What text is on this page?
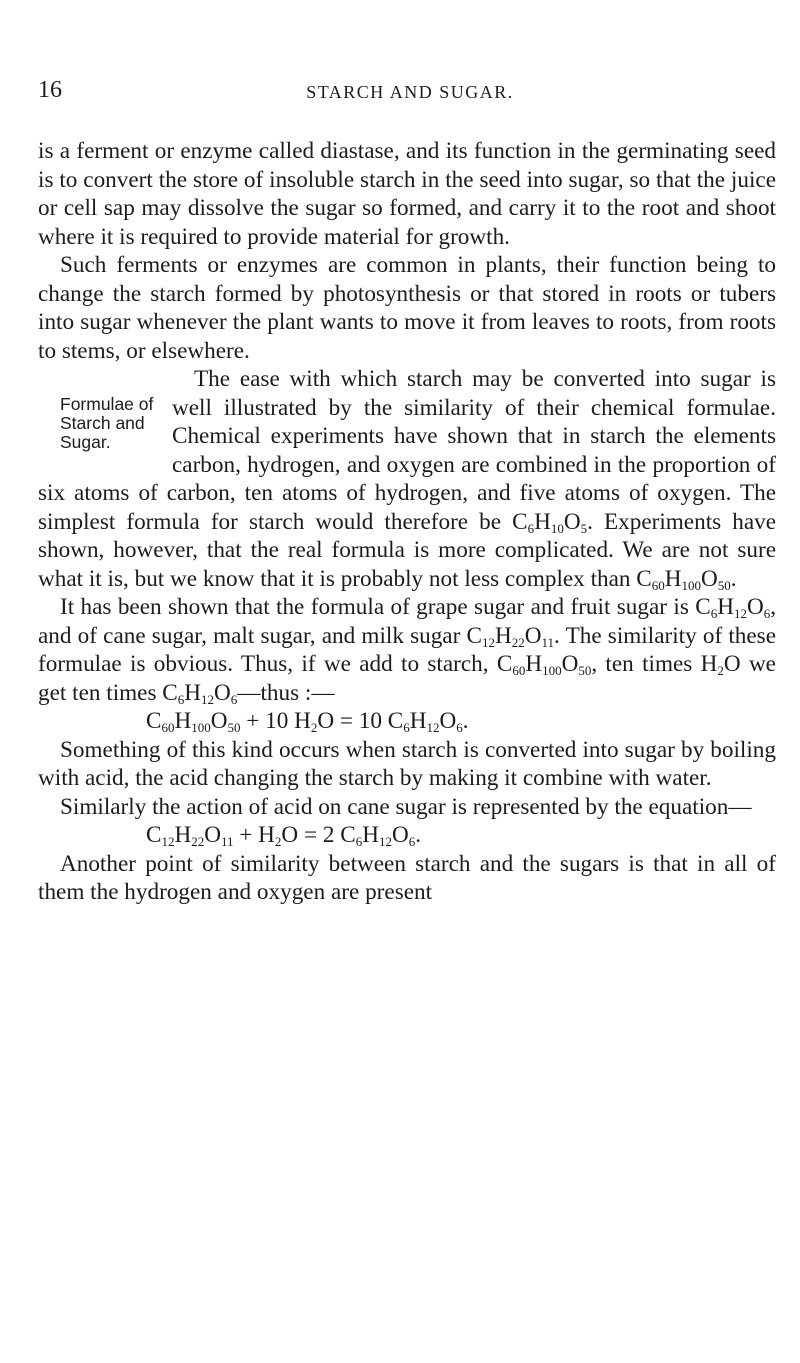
16	STARCH AND SUGAR.

is a ferment or enzyme called diastase, and its function in the germinating seed is to convert the store of insoluble starch in the seed into sugar, so that the juice or cell sap may dissolve the sugar so formed, and carry it to the root and shoot where it is required to provide material for growth.

Such ferments or enzymes are common in plants, their function being to change the starch formed by photosynthesis or that stored in roots or tubers into sugar whenever the plant wants to move it from leaves to roots, from roots to stems, or elsewhere.

Formulae of
Starch and
Sugar.
The ease with which starch may be converted into sugar is well illustrated by the similarity of their chemical formulae. Chemical experiments have shown that in starch the elements carbon, hydrogen, and oxygen are combined in the proportion of six atoms of carbon, ten atoms of hydrogen, and five atoms of oxygen. The simplest formula for starch would therefore be $C_6H_{10}O_5$. Experiments have shown, however, that the real formula is more complicated. We are not sure what it is, but we know that it is probably not less complex than $C_{60}H_{100}O_{50}$.

It has been shown that the formula of grape sugar and fruit sugar is $C_6H_{12}O_6$, and of cane sugar, malt sugar, and milk sugar $C_{12}H_{22}O_{11}$. The similarity of these formulae is obvious. Thus, if we add to starch, $C_{60}H_{100}O_{50}$, ten times $H_2O$ we get ten times $C_6H_{12}O_6—thus$ :—

$C_{60}H_{100}O_{50} + 10$ $H_2O = 10$ $C_6H_{12}O_6$.

Something of this kind occurs when starch is converted into sugar by boiling with acid, the acid changing the starch by making it combine with water.

Similarly the action of acid on cane sugar is represented by the equation—

$C_{12}H_{22}O_{11} + H_2O = 2$ $C_6H_{12}O_6$.

Another point of similarity between starch and the sugars is that in all of them the hydrogen and oxygen are present
